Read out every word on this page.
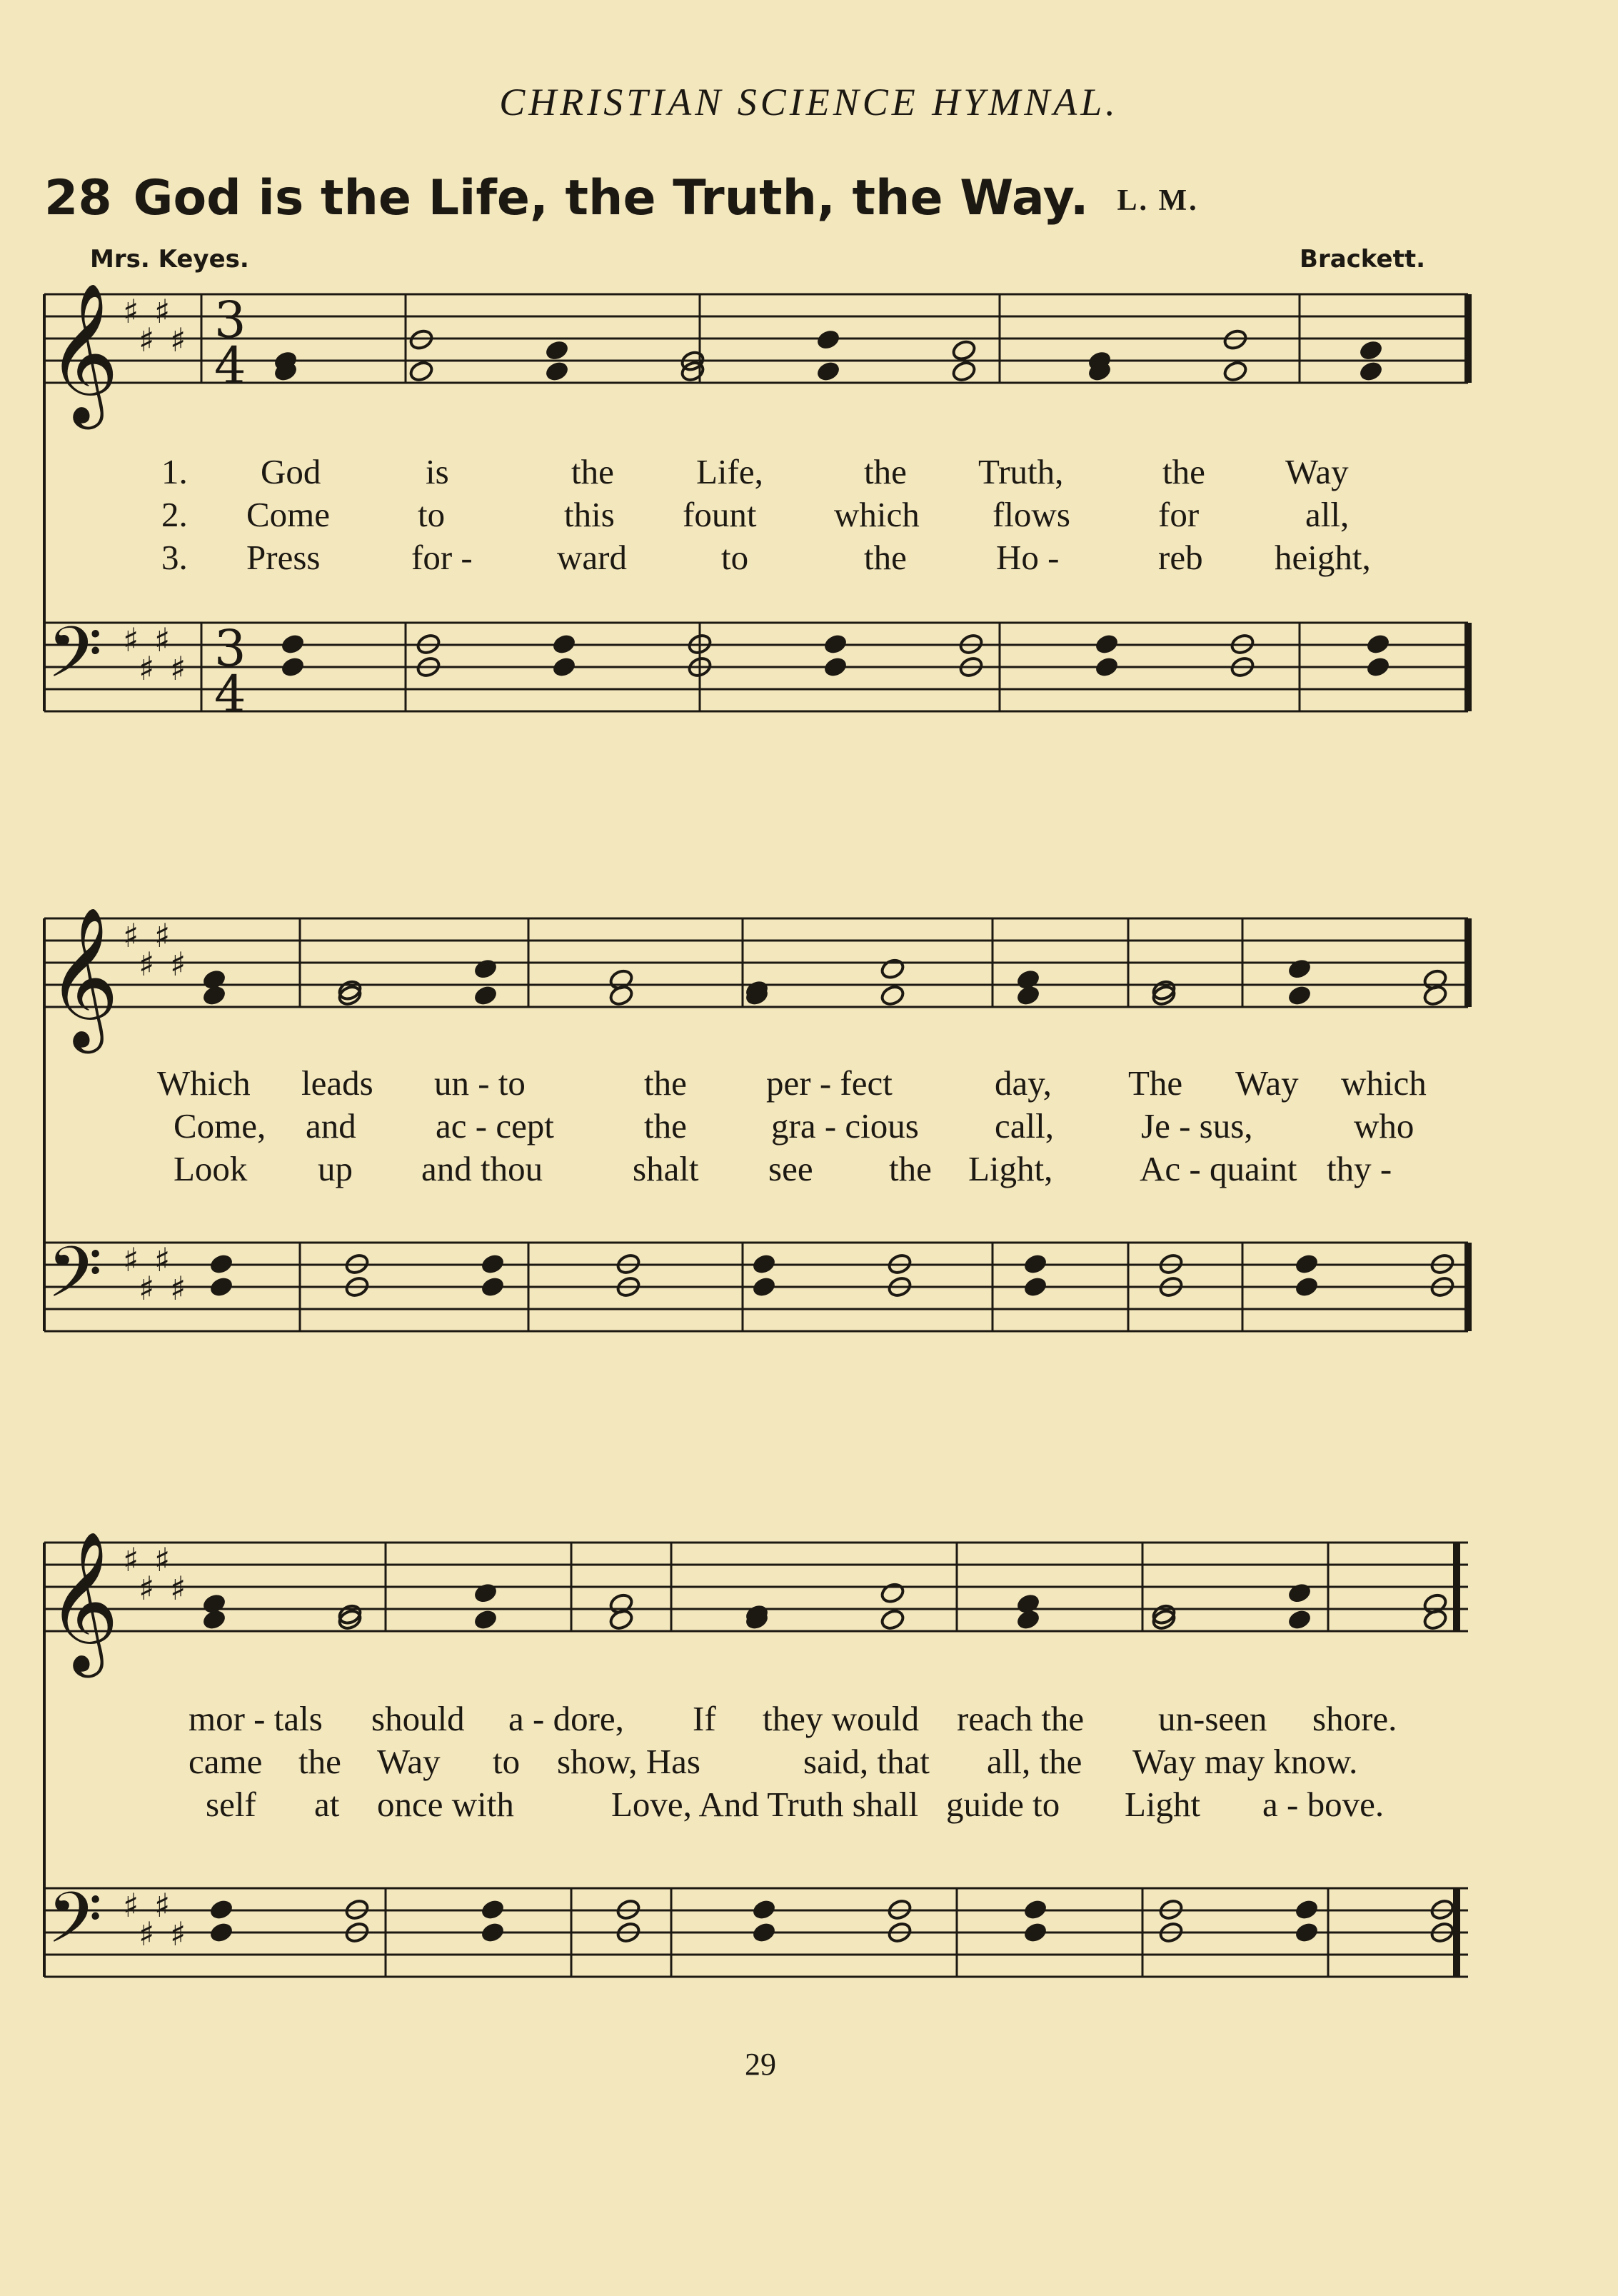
CHRISTIAN SCIENCE HYMNAL.
28 God is the Life, the Truth, the Way. L. M.
Mrs. Keyes.	Brackett.
𝄞
𝄢
♯
♯
♯
♯
♯
♯
♯
♯
3
4
3
4
𝄞
𝄢
♯
♯
♯
♯
♯
♯
♯
♯
𝄞
𝄢
♯
♯
♯
♯
♯
♯
♯
♯
1. God	is	the Life,	the Truth,	the Way
2. Come	to	this fount which flows	for	all,
3. Press	for - ward	to	the	Ho -	reb height,
Which leads un - to	the per - fect	day, The Way which
Come, and ac - cept	the gra - cious call, Je - sus,	who
Look up and thou	shalt see the Light, Ac - quaint thy -
mor - tals should a - dore, If they would reach the un-seen shore.
came the Way to show, Has	said, that all, the Way may know.
self at once with	Love, And Truth shall guide to Light a - bove.
29
